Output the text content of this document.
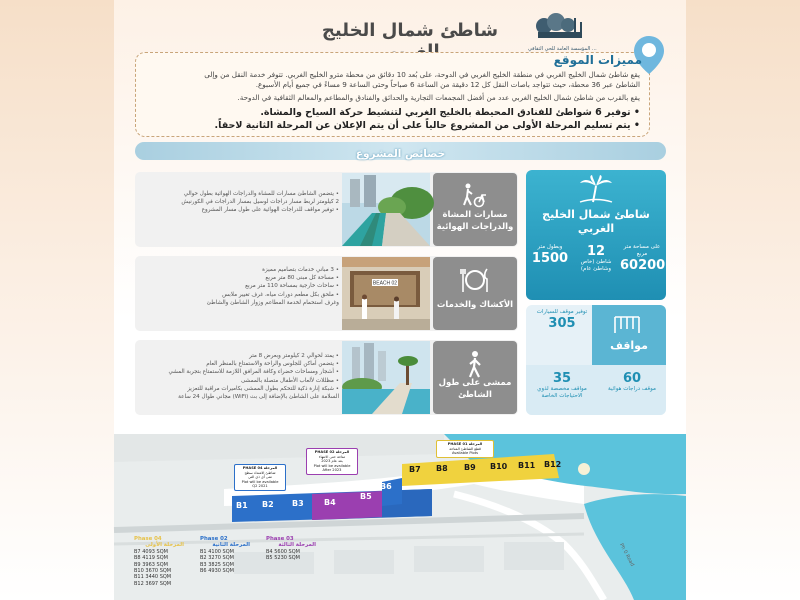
المؤسسة العامة للحي الثقافي ...
شاطئ شمال الخليج
مميزات الموقع
يقع شاطئ شمال الخليج الغربي في منطقة الخليج الغربي في الدوحة، على بُعد 10 دقائق من محطة مترو الخليج الغربي. تتوفر خدمة النقل من وإلى
الشاطئ عبر 36 محطة، حيث تتواجد باصات النقل كل 12 دقيقة من الساعة 6 صباحاً وحتى الساعة 9 مساءً في جميع أيام الأسبوع.
يقع بالقرب من شاطئ شمال الخليج الغربي عدد من أفضل المجمعات التجارية والحدائق والفنادق والمطاعم والمعالم الثقافية في الدوحة.
• توفير 6 شواطئ للفنادق المحيطة بالخليج الغربي لتنشيط حركة السياح والمشاة.
• يتم تسليم المرحلة الأولى من المشروع حالياً على أن يتم الإعلان عن المرحلة الثانية لاحقاً.
خصائص المشروع
مسارات المشاة والدراجات الهوائية
• يتضمن الشاطئ مسارات للمشاة والدراجات الهوائية بطول حوالي
2 كيلومتر لربط مسار دراجات لوسيل بمسار الدراجات في الكورنيش
• توفير مواقف للدراجات الهوائية على طول مسار المشروع
الأكشاك والخدمات
BEACH 02
• 3 مباني خدمات بتصاميم مميزة
• مساحة كل مبنى 80 متر مربع
• ساحات خارجية بمساحة 110 متر مربع
• ملحق بكل مطعم دورات مياه، غرف تغيير ملابس
وغرف استحمام لخدمة المطاعم وزوار الشاطئ والشاطئ
ممشى على طول الشاطئ
• يمتد لحوالي 2 كيلومتر وبعرض 8 متر
• يتضمن أماكن للجلوس والراحة والاستمتاع بالمنظر العام
• أشجار ومساحات خضراء وكافة المرافق اللازمة للاستمتاع بتجربة المشي
• مظللات لألعاب الأطفال متصلة بالممشى
• شبكة إنارة ذكية للتحكم بطول الممشى بكاميرات مراقبة للتعزيز
السلامة على الشاطئ بالإضافة إلى بث (WiFi) مجاني طوال 24 ساعة
شاطئ شمال الخليج الغربي
وبطول متر
1500	12
شاطئ (خاص وشاطئ عام)
على مساحة متر مربع
60200
مواقف
توفير موقف للسيارات
305
35
مواقف مخصصة لذوي الاحتياجات الخاصة
60
موقف دراجات هوائية
B1 B2 B3	B4
B5
B6
B7 B8 B9 B10 B11 B12
PHASE 04 المرحلة
شاطئ الامتداد سطح
متى أي ذي التي
Plot will be available
Q2 2021
PHASE 02 المرحلة
متاحة حتى الانتهاء
بعد عام 2023
Plot will be available
After 2023
PHASE 01 المرحلة
قطع الشاطئ المتاحة
Available Plots
Ph 0 Road
Phase 04
المرحلة الأولى
B7 4093 SQM
B8 4119 SQM
B9 3963 SQM
B10 3670 SQM
B11 3440 SQM
B12 3697 SQM
Phase 02
المرحلة الثانية
B1 4100 SQM
B2 3270 SQM
B3 3825 SQM
B6 4930 SQM
Phase 03
المرحلة الثالثة
B4 5600 SQM
B5 5230 SQM
